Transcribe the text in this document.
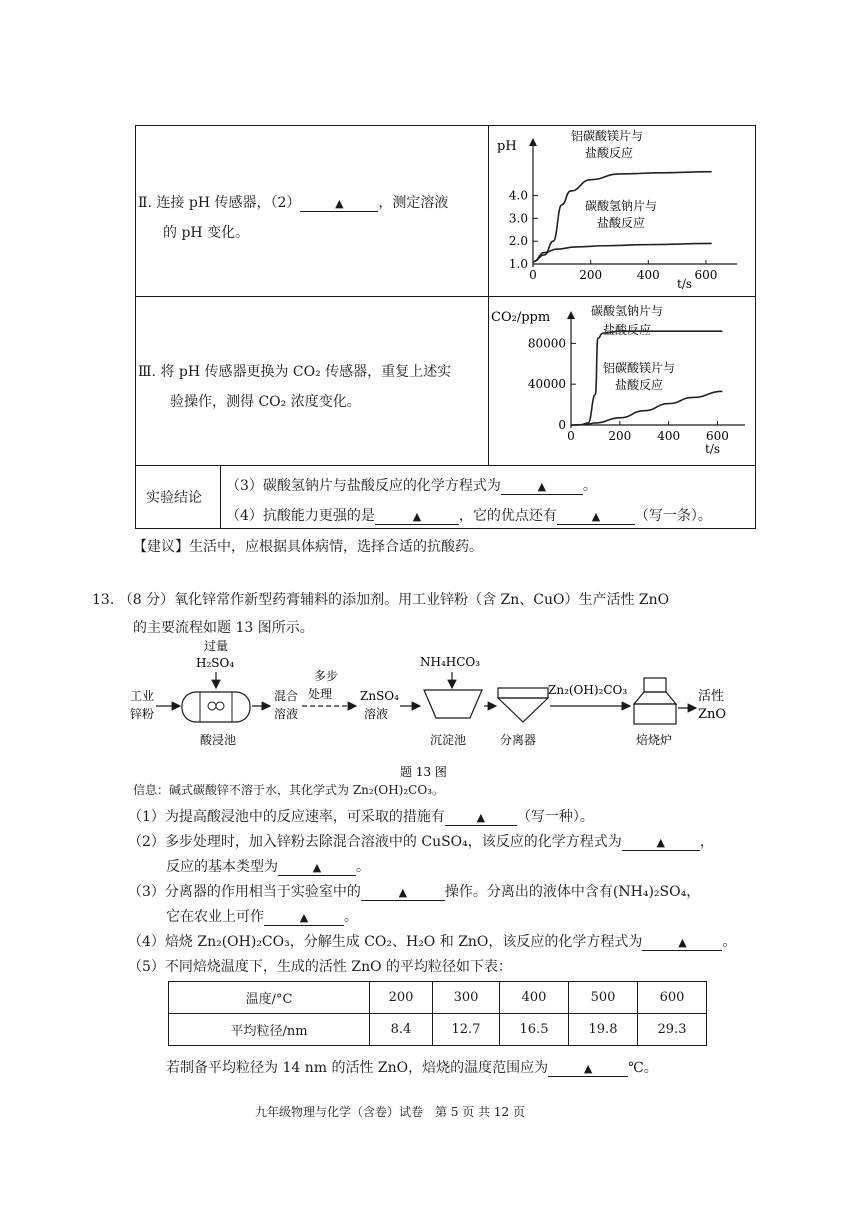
Ⅱ. 连接 pH 传感器，（2）	▲ ，测定溶液
的 pH 变化。
pH
t/s
铝碳酸镁片与
盐酸反应
碳酸氢钠片与
盐酸反应
0	200	400	600
1.0
2.0
3.0
4.0
Ⅲ. 将 pH 传感器更换为 CO₂ 传感器，重复上述实
验操作，测得 CO₂ 浓度变化。
CO₂/ppm
t/s
碳酸氢钠片与
盐酸反应
铝碳酸镁片与
盐酸反应
0	200 400 600
0
40000
80000
实验结论
（3）碳酸氢钠片与盐酸反应的化学方程式为	▲	。
（4）抗酸能力更强的是	▲	，它的优点还有	▲ （写一条）。
【建议】生活中，应根据具体病情，选择合适的抗酸药。
13. （8 分）氧化锌常作新型药膏辅料的添加剂。用工业锌粉（含 Zn、CuO）生产活性 ZnO
的主要流程如题 13 图所示。
过量
H₂SO₄
工业
锌粉
酸浸池
混合
溶液
多步
处理 ZnSO₄
溶液
NH₄HCO₃
沉淀池	分离器
Zn₂(OH)₂CO₃
焙烧炉
活性
ZnO
题 13 图
信息：碱式碳酸锌不溶于水，其化学式为 Zn₂(OH)₂CO₃。
（1）为提高酸浸池中的反应速率，可采取的措施有	▲ （写一种）。
（2）多步处理时，加入锌粉去除混合溶液中的 CuSO₄，该反应的化学方程式为	▲ ，
反应的基本类型为	▲ 。
（3）分离器的作用相当于实验室中的	▲	操作。分离出的液体中含有(NH₄)₂SO₄，
它在农业上可作	▲	。
（4）焙烧 Zn₂(OH)₂CO₃，分解生成 CO₂、H₂O 和 ZnO，该反应的化学方程式为	▲	。
（5）不同焙烧温度下，生成的活性 ZnO 的平均粒径如下表：
温度/°C	200	300	400	500	600
平均粒径/nm	8.4	12.7	16.5	19.8	29.3
若制备平均粒径为 14 nm 的活性 ZnO，焙烧的温度范围应为	▲	℃。
九年级物理与化学（含卷）试卷　第 5 页 共 12 页
